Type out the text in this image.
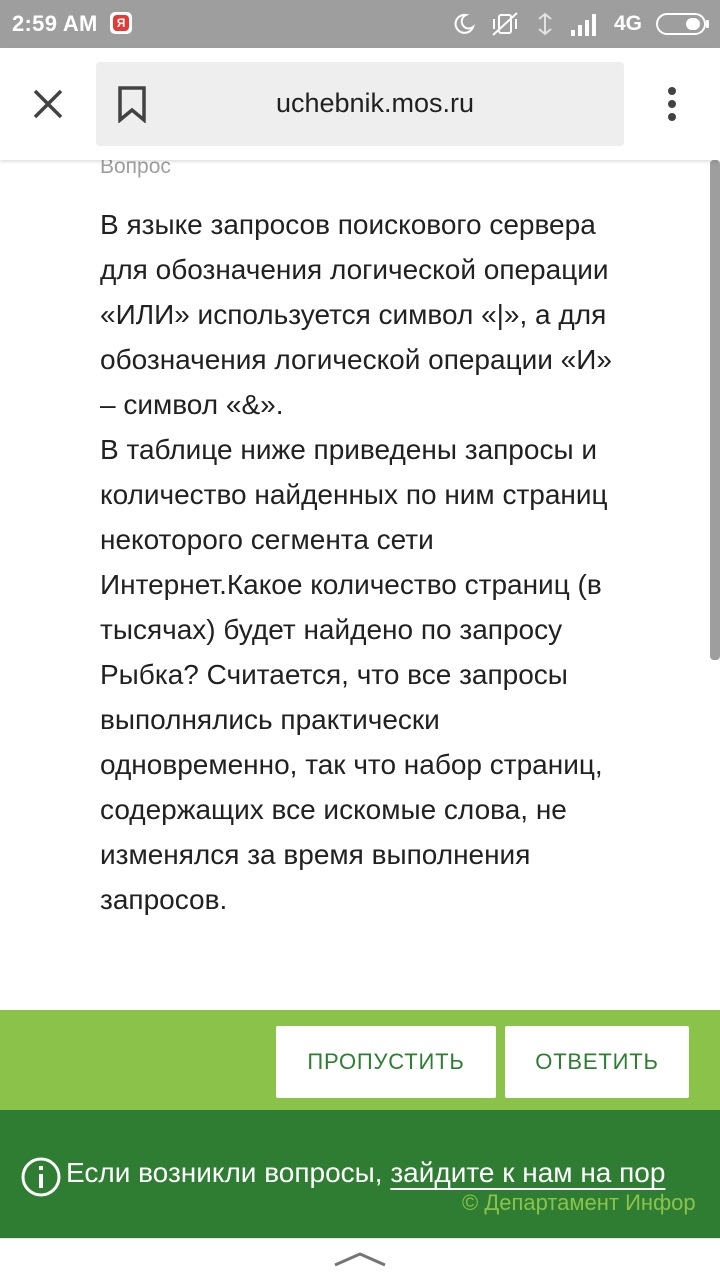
2:59 AM	Я	4G
uchebnik.mos.ru
Вопрос

В языке запросов поискового сервера для обозначения логической операции «ИЛИ» используется символ «|», а для обозначения логической операции «И» – символ «&».

В таблице ниже приведены запросы и количество найденных по ним страниц некоторого сегмента сети Интернет.Какое количество страниц (в тысячах) будет найдено по запросу Рыбка? Считается, что все запросы выполнялись практически одновременно, так что набор страниц, содержащих все искомые слова, не изменялся за время выполнения запросов.

ПРОПУСТИТЬ	ОТВЕТИТЬ
Если возникли вопросы, зайдите к нам на пор
© Департамент Инфор
